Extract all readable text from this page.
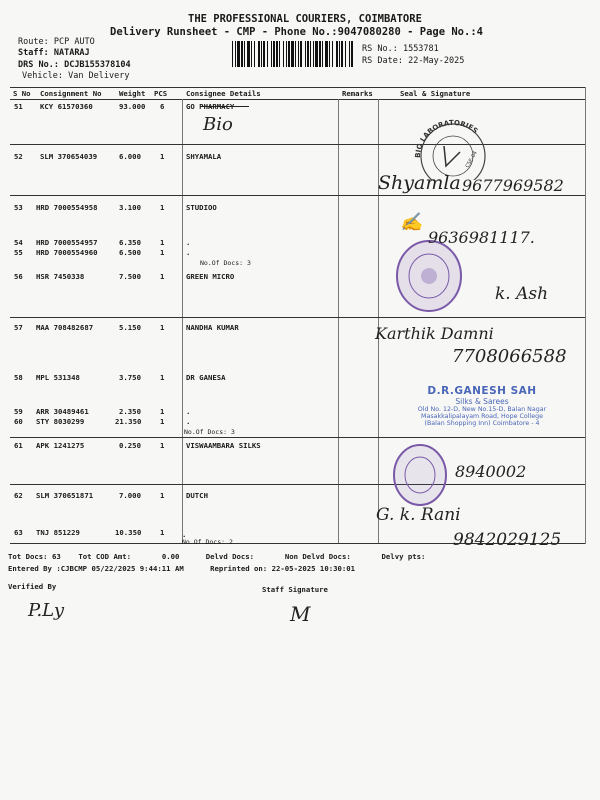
THE PROFESSIONAL COURIERS, COIMBATORE
Delivery Runsheet - CMP - Phone No.:9047080280 - Page No.:4
Route: PCP AUTO
Staff: NATARAJ
DRS No.: DCJB155378104
Vehicle: Van Delivery
RS No.: 1553781
RS Date: 22-May-2025
S No Consignment No Weight PCS	Consignee Details	Remarks	Seal & Signature
51 KCY 61570360	93.000 6	GO PHARMACY
52 SLM 370654039	6.000	1	SHYAMALA
53 HRD 7000554958	3.100	1	STUDIOO
54 HRD 7000554957	6.350	1	.
55 HRD 7000554960	6.500	1	.
No.Of Docs: 3
56 HSR 7450338	7.500	1	GREEN MICRO
57 MAA 708482687	5.150	1	NANDHA KUMAR
58 MPL 531348	3.750	1	DR GANESA
59 ARR 30489461	2.350	1	.
60 STY 8030299	21.350	1	.
No.Of Docs: 3
61 APK 1241275	0.250	1	VISWAAMBARA SILKS
62 SLM 370651871	7.000	1	DUTCH
63 TNJ 851229	10.350	1 .
No.Of Docs: 2
BIO LABORATORIES
CSE-04
D.R.GANESH SAH
Silks & Sarees
Old No. 12-D, New No.15-D, Balan Nagar
Masakkalipalayam Road, Hope College
(Balan Shopping Inn) Coimbatore - 4
Bio
Shyamla 9677969582
✍
9636981117.
k. Ash
Karthik Damni
7708066588
8940002
G. k. Rani
9842029125
Tot Docs: 63 Tot COD Amt:	0.00	Delvd Docs:	Non Delvd Docs:	Delvy pts:
Entered By :CJBCMP 05/22/2025 9:44:11 AM	Reprinted on: 22-05-2025 10:30:01
Verified By	Staff Signature
P.Ly	M
